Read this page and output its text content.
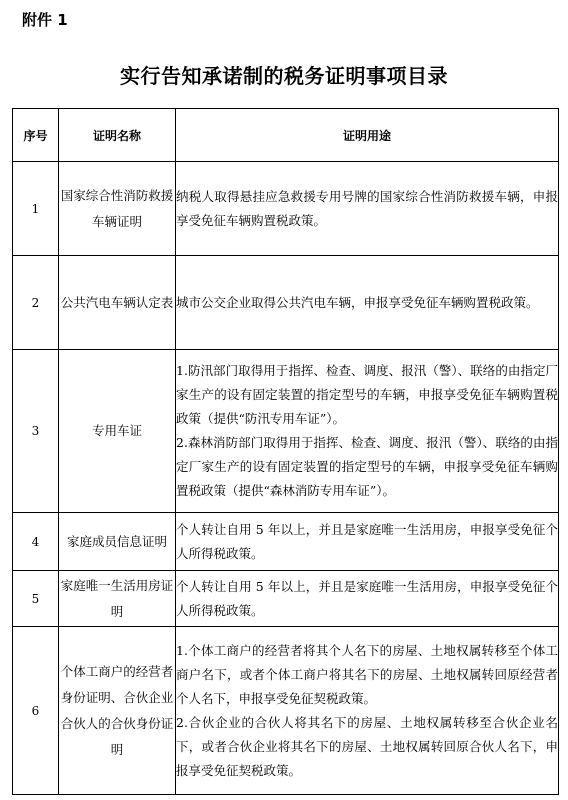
附件 1
实行告知承诺制的税务证明事项目录
序号	证明名称	证明用途
1	国家综合性消防救援车辆证明	纳税人取得悬挂应急救援专用号牌的国家综合性消防救援车辆，申报享受免征车辆购置税政策。

2	公共汽电车辆认定表	城市公交企业取得公共汽电车辆，申报享受免征车辆购置税政策。

3	专用车证	1.防汛部门取得用于指挥、检查、调度、报汛（警）、联络的由指定厂家生产的设有固定装置的指定型号的车辆，申报享受免征车辆购置税政策（提供“防汛专用车证”）。

2.森林消防部门取得用于指挥、检查、调度、报汛（警）、联络的由指定厂家生产的设有固定装置的指定型号的车辆，申报享受免征车辆购置税政策（提供“森林消防专用车证”）。

4	家庭成员信息证明	个人转让自用 5 年以上，并且是家庭唯一生活用房，申报享受免征个人所得税政策。

5	家庭唯一生活用房证明	个人转让自用 5 年以上，并且是家庭唯一生活用房，申报享受免征个人所得税政策。

6	个体工商户的经营者身份证明、合伙企业合伙人的合伙身份证明	1.个体工商户的经营者将其个人名下的房屋、土地权属转移至个体工商户名下，或者个体工商户将其名下的房屋、土地权属转回原经营者个人名下，申报享受免征契税政策。

2.合伙企业的合伙人将其名下的房屋、土地权属转移至合伙企业名下，或者合伙企业将其名下的房屋、土地权属转回原合伙人名下，申报享受免征契税政策。
